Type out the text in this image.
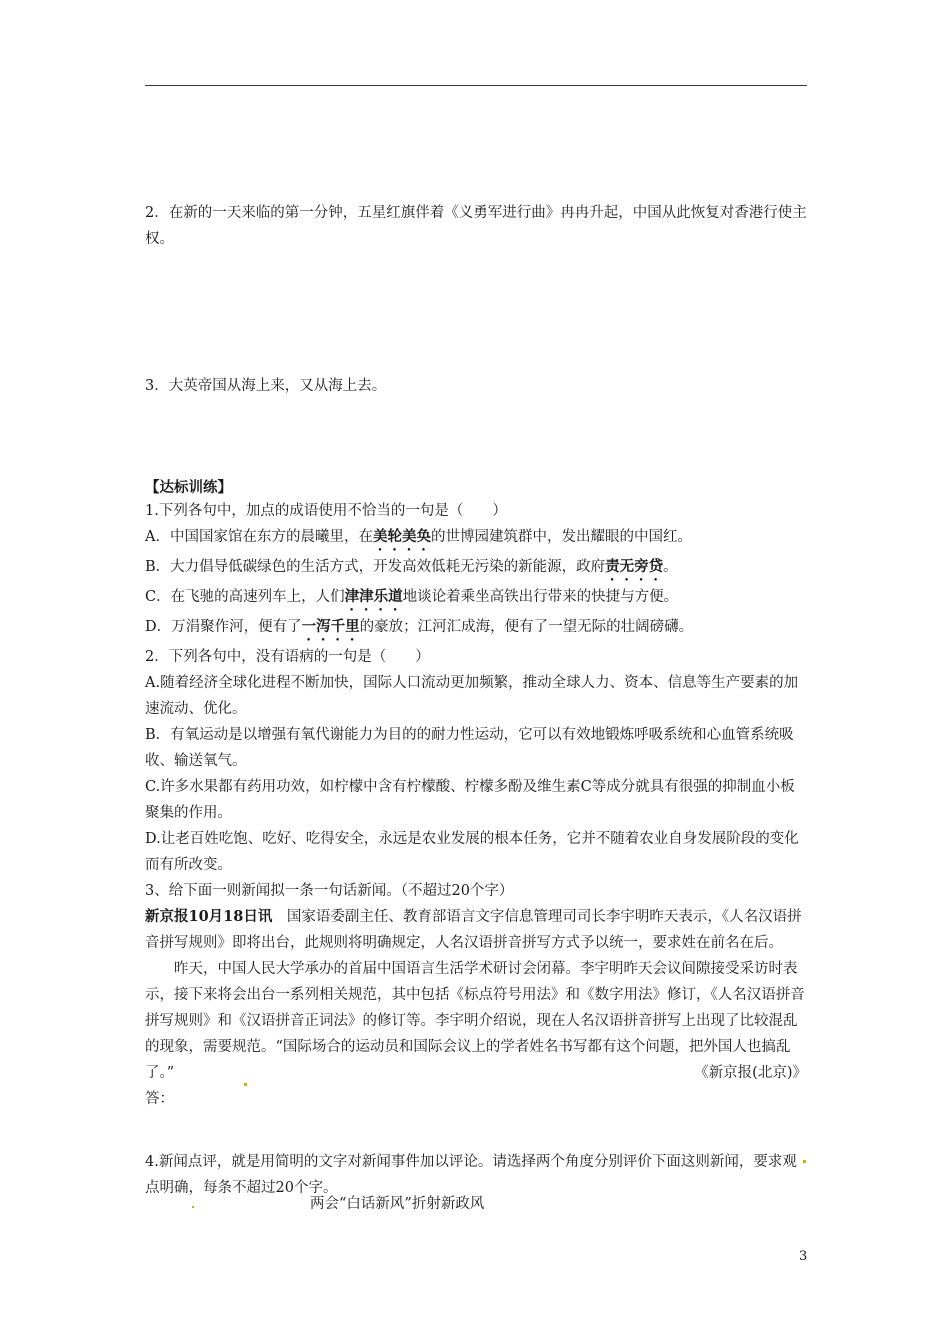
2．在新的一天来临的第一分钟，五星红旗伴着《义勇军进行曲》冉冉升起，中国从此恢复对香港行使主权。

3．大英帝国从海上来，又从海上去。

【达标训练】

1.下列各句中，加点的成语使用不恰当的一句是（　　）
A．中国国家馆在东方的晨曦里，在美轮美奂的世博园建筑群中，发出耀眼的中国红。
B．大力倡导低碳绿色的生活方式，开发高效低耗无污染的新能源，政府责无旁贷。
C．在飞驰的高速列车上，人们津津乐道地谈论着乘坐高铁出行带来的快捷与方便。
D．万涓聚作河，便有了一泻千里的豪放；江河汇成海，便有了一望无际的壮阔磅礴。
2．下列各句中，没有语病的一句是（　　）
A.随着经济全球化进程不断加快，国际人口流动更加频繁，推动全球人力、资本、信息等生产要素的加速流动、优化。
B．有氧运动是以增强有氧代谢能力为目的的耐力性运动，它可以有效地锻炼呼吸系统和心血管系统吸收、输送氧气。
C.许多水果都有药用功效，如柠檬中含有柠檬酸、柠檬多酚及维生素C等成分就具有很强的抑制血小板聚集的作用。
D.让老百姓吃饱、吃好、吃得安全，永远是农业发展的根本任务，它并不随着农业自身发展阶段的变化而有所改变。
3、给下面一则新闻拟一条一句话新闻。（不超过20个字）
新京报10月18日讯　 国家语委副主任、教育部语言文字信息管理司司长李宇明昨天表示，《人名汉语拼音拼写规则》即将出台，此规则将明确规定，人名汉语拼音拼写方式予以统一，要求姓在前名在后。
昨天，中国人民大学承办的首届中国语言生活学术研讨会闭幕。李宇明昨天会议间隙接受采访时表示，接下来将会出台一系列相关规范，其中包括《标点符号用法》和《数字用法》修订，《人名汉语拼音拼写规则》和《汉语拼音正词法》的修订等。李宇明介绍说，现在人名汉语拼音拼写上出现了比较混乱的现象，需要规范。“国际场合的运动员和国际会议上的学者姓名书写都有这个问题，把外国人也搞乱了。”	《新京报(北京)》
答：

4.新闻点评，就是用简明的文字对新闻事件加以评论。请选择两个角度分别评价下面这则新闻，要求观点明确，每条不超过20个字。

两会“白话新风”折射新政风
3
